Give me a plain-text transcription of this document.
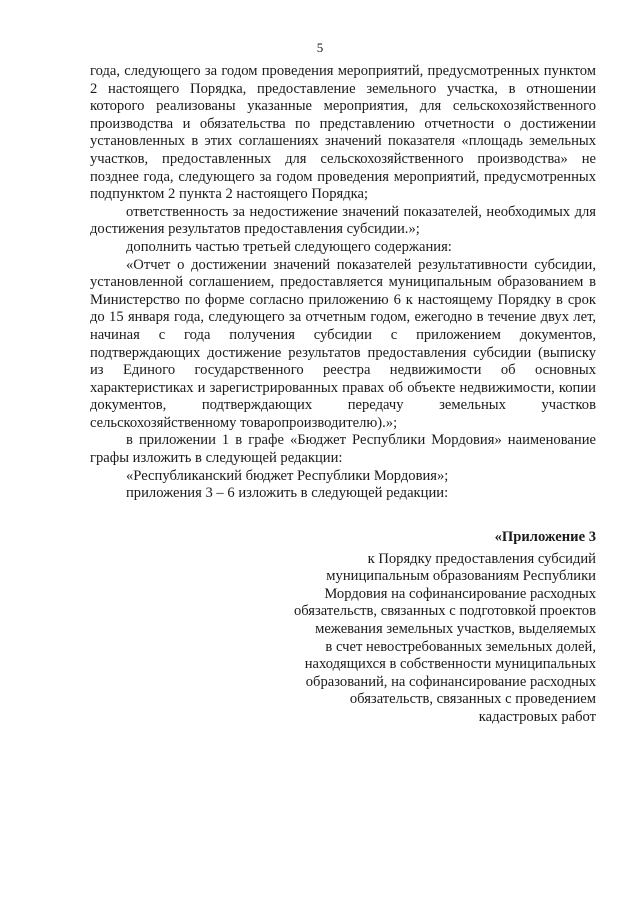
5

года, следующего за годом проведения мероприятий, предусмотренных пунктом 2 настоящего Порядка, предоставление земельного участка, в отношении которого реализованы указанные мероприятия, для сельскохозяйственного производства и обязательства по представлению отчетности о достижении установленных в этих соглашениях значений показателя «площадь земельных участков, предоставленных для сельскохозяйственного производства» не позднее года, следующего за годом проведения мероприятий, предусмотренных подпунктом 2 пункта 2 настоящего Порядка;

ответственность за недостижение значений показателей, необходимых для достижения результатов предоставления субсидии.»;

дополнить частью третьей следующего содержания:

«Отчет о достижении значений показателей результативности субсидии, установленной соглашением, предоставляется муниципальным образованием в Министерство по форме согласно приложению 6 к настоящему Порядку в срок до 15 января года, следующего за отчетным годом, ежегодно в течение двух лет, начиная с года получения субсидии с приложением документов, подтверждающих достижение результатов предоставления субсидии (выписку из Единого государственного реестра недвижимости об основных характеристиках и зарегистрированных правах об объекте недвижимости, копии документов, подтверждающих передачу земельных участков сельскохозяйственному товаропроизводителю).»;

в приложении 1 в графе «Бюджет Республики Мордовия» наименование графы изложить в следующей редакции:

«Республиканский бюджет Республики Мордовия»;

приложения 3 – 6 изложить в следующей редакции:

«Приложение 3
к Порядку предоставления субсидий
муниципальным образованиям Республики
Мордовия на софинансирование расходных
обязательств, связанных с подготовкой проектов
межевания земельных участков, выделяемых
в счет невостребованных земельных долей,
находящихся в собственности муниципальных
образований, на софинансирование расходных
обязательств, связанных с проведением
кадастровых работ
